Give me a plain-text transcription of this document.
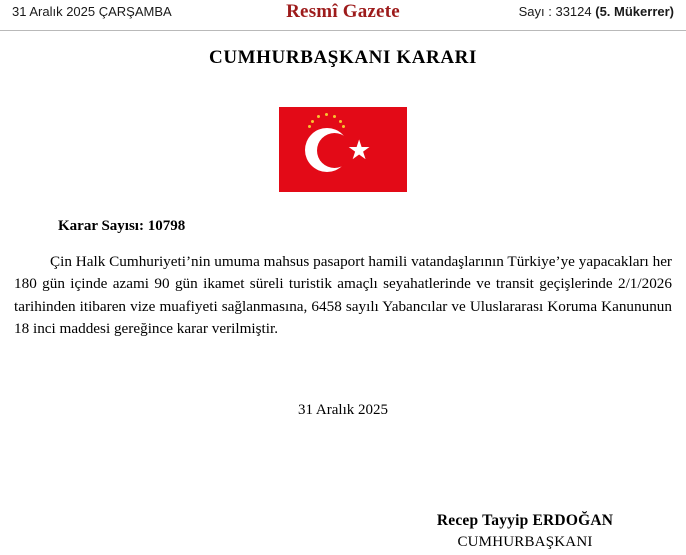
31 Aralık 2025 ÇARŞAMBA	Resmî Gazete	Sayı : 33124 (5. Mükerrer)
CUMHURBAŞKANI KARARI
Karar Sayısı: 10798
Çin Halk Cumhuriyeti’nin umuma mahsus pasaport hamili vatandaşlarının Türkiye’ye yapacakları her 180 gün içinde azami 90 gün ikamet süreli turistik amaçlı seyahatlerinde ve transit geçişlerinde 2/1/2026 tarihinden itibaren vize muafiyeti sağlanmasına, 6458 sayılı Yabancılar ve Uluslararası Koruma Kanununun 18 inci maddesi gereğince karar verilmiştir.
31 Aralık 2025
Recep Tayyip ERDOĞAN
CUMHURBAŞKANI
